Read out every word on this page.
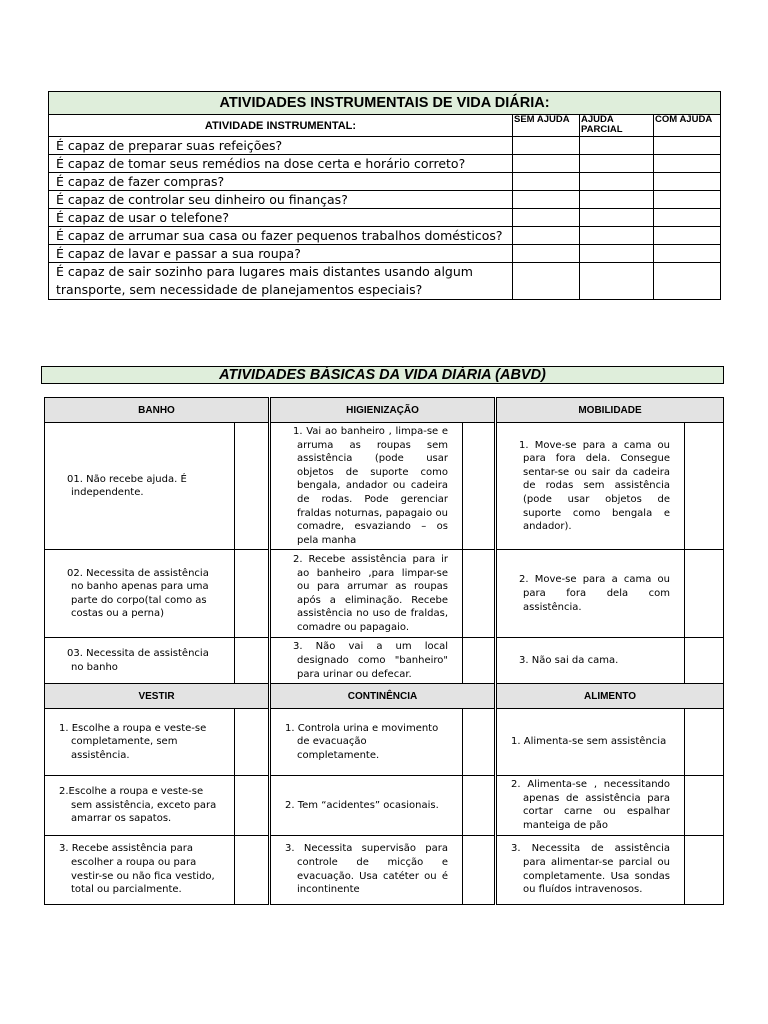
ATIVIDADES INSTRUMENTAIS DE VIDA DIÁRIA:			
ATIVIDADE INSTRUMENTAL:	SEM AJUDA	AJUDA PARCIAL	COM AJUDA
É capaz de preparar suas refeições?			
É capaz de tomar seus remédios na dose certa e horário correto?			
É capaz de fazer compras?			
É capaz de controlar seu dinheiro ou finanças?			
É capaz de usar o telefone?			
É capaz de arrumar sua casa ou fazer pequenos trabalhos domésticos?			
É capaz de lavar e passar a sua roupa?			
É capaz de sair sozinho para lugares mais distantes usando algum transporte, sem necessidade de planejamentos especiais?			
ATIVIDADES BÁSICAS DA VIDA DIÁRIA (ABVD)
BANHO			HIGIENIZAÇÃO			MOBILIDADE	

01. Não recebe ajuda. É independente.			1. Vai ao banheiro , limpa-se e arruma as roupas sem assistência (pode usar objetos de suporte como bengala, andador ou cadeira de rodas. Pode gerenciar fraldas noturnas, papagaio ou comadre, esvaziando – os pela manha			1. Move-se para a cama ou para fora dela. Consegue sentar-se ou sair da cadeira de rodas sem assistência (pode usar objetos de suporte como bengala e andador).	

02. Necessita de assistência no banho apenas para uma parte do corpo(tal como as costas ou a perna)			2. Recebe assistência para ir ao banheiro ,para limpar-se ou para arrumar as roupas após a eliminação. Recebe assistência no uso de fraldas, comadre ou papagaio.			2. Move-se para a cama ou para fora dela com assistência.	

03. Necessita de assistência no banho			3. Não vai a um local designado como "banheiro" para urinar ou defecar.			3. Não sai da cama.	

VESTIR			CONTINÊNCIA			ALIMENTO	

1. Escolhe a roupa e veste-se completamente, sem assistência.			1. Controla urina e movimento de evacuação completamente.			1. Alimenta-se sem assistência	

2.Escolhe a roupa e veste-se sem assistência, exceto para amarrar os sapatos.			2. Tem “acidentes” ocasionais.			2. Alimenta-se , necessitando apenas de assistência para cortar carne ou espalhar manteiga de pão	

3. Recebe assistência para escolher a roupa ou para vestir-se ou não fica vestido, total ou parcialmente.			3. Necessita supervisão para controle de micção e evacuação. Usa catéter ou é incontinente			3. Necessita de assistência para alimentar-se parcial ou completamente. Usa sondas ou fluídos intravenosos.	
